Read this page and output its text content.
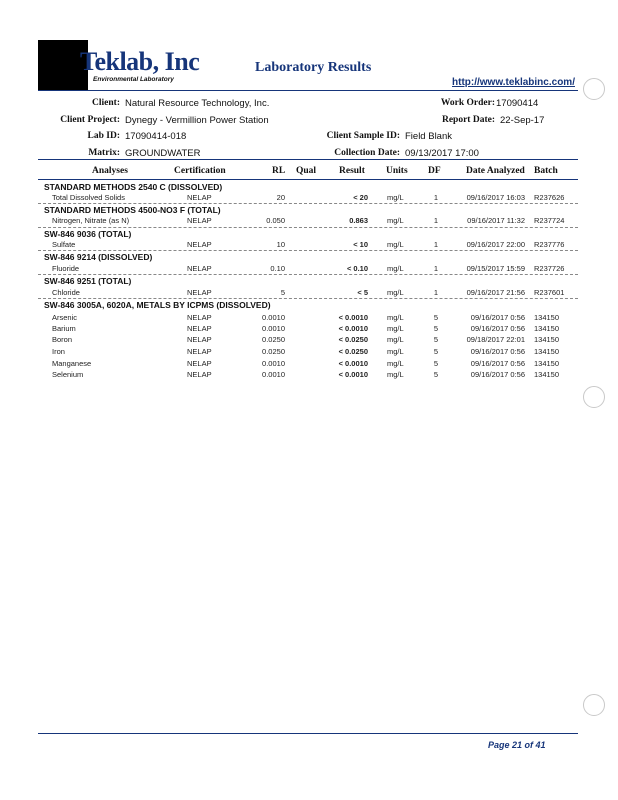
Teklab, Inc
Environmental Laboratory
Laboratory Results
http://www.teklabinc.com/
Client: Natural Resource Technology, Inc.
Client Project: Dynegy - Vermillion Power Station
Lab ID: 17090414-018
Matrix: GROUNDWATER
Work Order: 17090414
Report Date: 22-Sep-17
Client Sample ID: Field Blank
Collection Date: 09/13/2017 17:00
Analyses	Certification	RL Qual Result Units DF	Date Analyzed Batch
STANDARD METHODS 2540 C (DISSOLVED)
Total Dissolved Solids	NELAP	20	< 20	mg/L	1	09/16/2017 16:03 R237626
STANDARD METHODS 4500-NO3 F (TOTAL)
Nitrogen, Nitrate (as N)	NELAP	0.050	0.863	mg/L	1	09/16/2017 11:32 R237724
SW-846 9036 (TOTAL)
Sulfate	NELAP	10	< 10	mg/L	1	09/16/2017 22:00 R237776
SW-846 9214 (DISSOLVED)
Fluoride	NELAP	0.10	< 0.10	mg/L	1	09/15/2017 15:59 R237726
SW-846 9251 (TOTAL)
Chloride	NELAP	5	< 5	mg/L	1	09/16/2017 21:56 R237601
SW-846 3005A, 6020A, METALS BY ICPMS (DISSOLVED)
Arsenic	NELAP	0.0010	< 0.0010	mg/L	5	09/16/2017 0:56 134150
Barium	NELAP	0.0010	< 0.0010	mg/L	5	09/16/2017 0:56 134150
Boron	NELAP	0.0250	< 0.0250	mg/L	5	09/18/2017 22:01 134150
Iron	NELAP	0.0250	< 0.0250	mg/L	5	09/16/2017 0:56 134150
Manganese	NELAP	0.0010	< 0.0010	mg/L	5	09/16/2017 0:56 134150
Selenium	NELAP	0.0010	< 0.0010	mg/L	5	09/16/2017 0:56 134150
Page 21 of 41
